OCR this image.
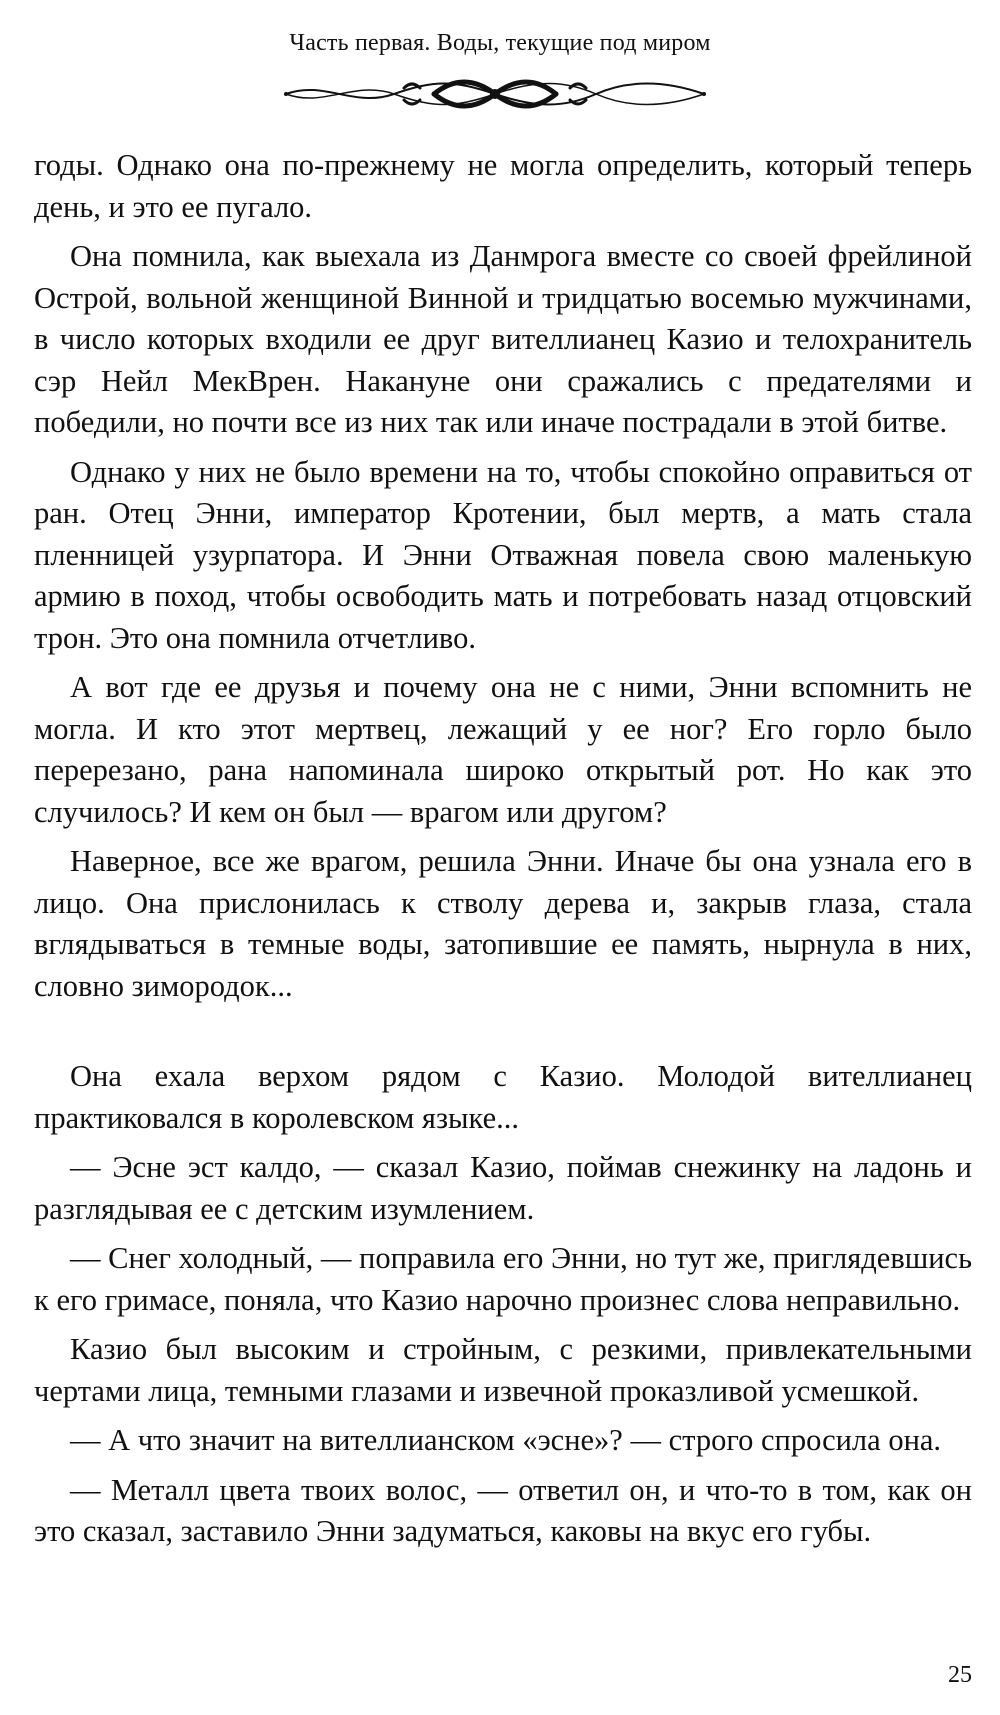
Часть первая. Воды, текущие под миром

годы. Однако она по-прежнему не могла определить, который теперь день, и это ее пугало.

Она помнила, как выехала из Данмрога вместе со своей фрейлиной Острой, вольной женщиной Винной и тридцатью восемью мужчинами, в число которых входили ее друг вителлианец Казио и телохранитель сэр Нейл МекВрен. Накануне они сражались с предателями и победили, но почти все из них так или иначе пострадали в этой битве.

Однако у них не было времени на то, чтобы спокойно оправиться от ран. Отец Энни, император Кротении, был мертв, а мать стала пленницей узурпатора. И Энни Отважная повела свою маленькую армию в поход, чтобы освободить мать и потребовать назад отцовский трон. Это она помнила отчетливо.

А вот где ее друзья и почему она не с ними, Энни вспомнить не могла. И кто этот мертвец, лежащий у ее ног? Его горло было перерезано, рана напоминала широко открытый рот. Но как это случилось? И кем он был — врагом или другом?

Наверное, все же врагом, решила Энни. Иначе бы она узнала его в лицо. Она прислонилась к стволу дерева и, закрыв глаза, стала вглядываться в темные воды, затопившие ее память, нырнула в них, словно зимородок...

Она ехала верхом рядом с Казио. Молодой вителлианец практиковался в королевском языке...

— Эсне эст калдо, — сказал Казио, поймав снежинку на ладонь и разглядывая ее с детским изумлением.

— Снег холодный, — поправила его Энни, но тут же, приглядевшись к его гримасе, поняла, что Казио нарочно произнес слова неправильно.

Казио был высоким и стройным, с резкими, привлекательными чертами лица, темными глазами и извечной проказливой усмешкой.

— А что значит на вителлианском «эсне»? — строго спросила она.

— Металл цвета твоих волос, — ответил он, и что-то в том, как он это сказал, заставило Энни задуматься, каковы на вкус его губы.

25
